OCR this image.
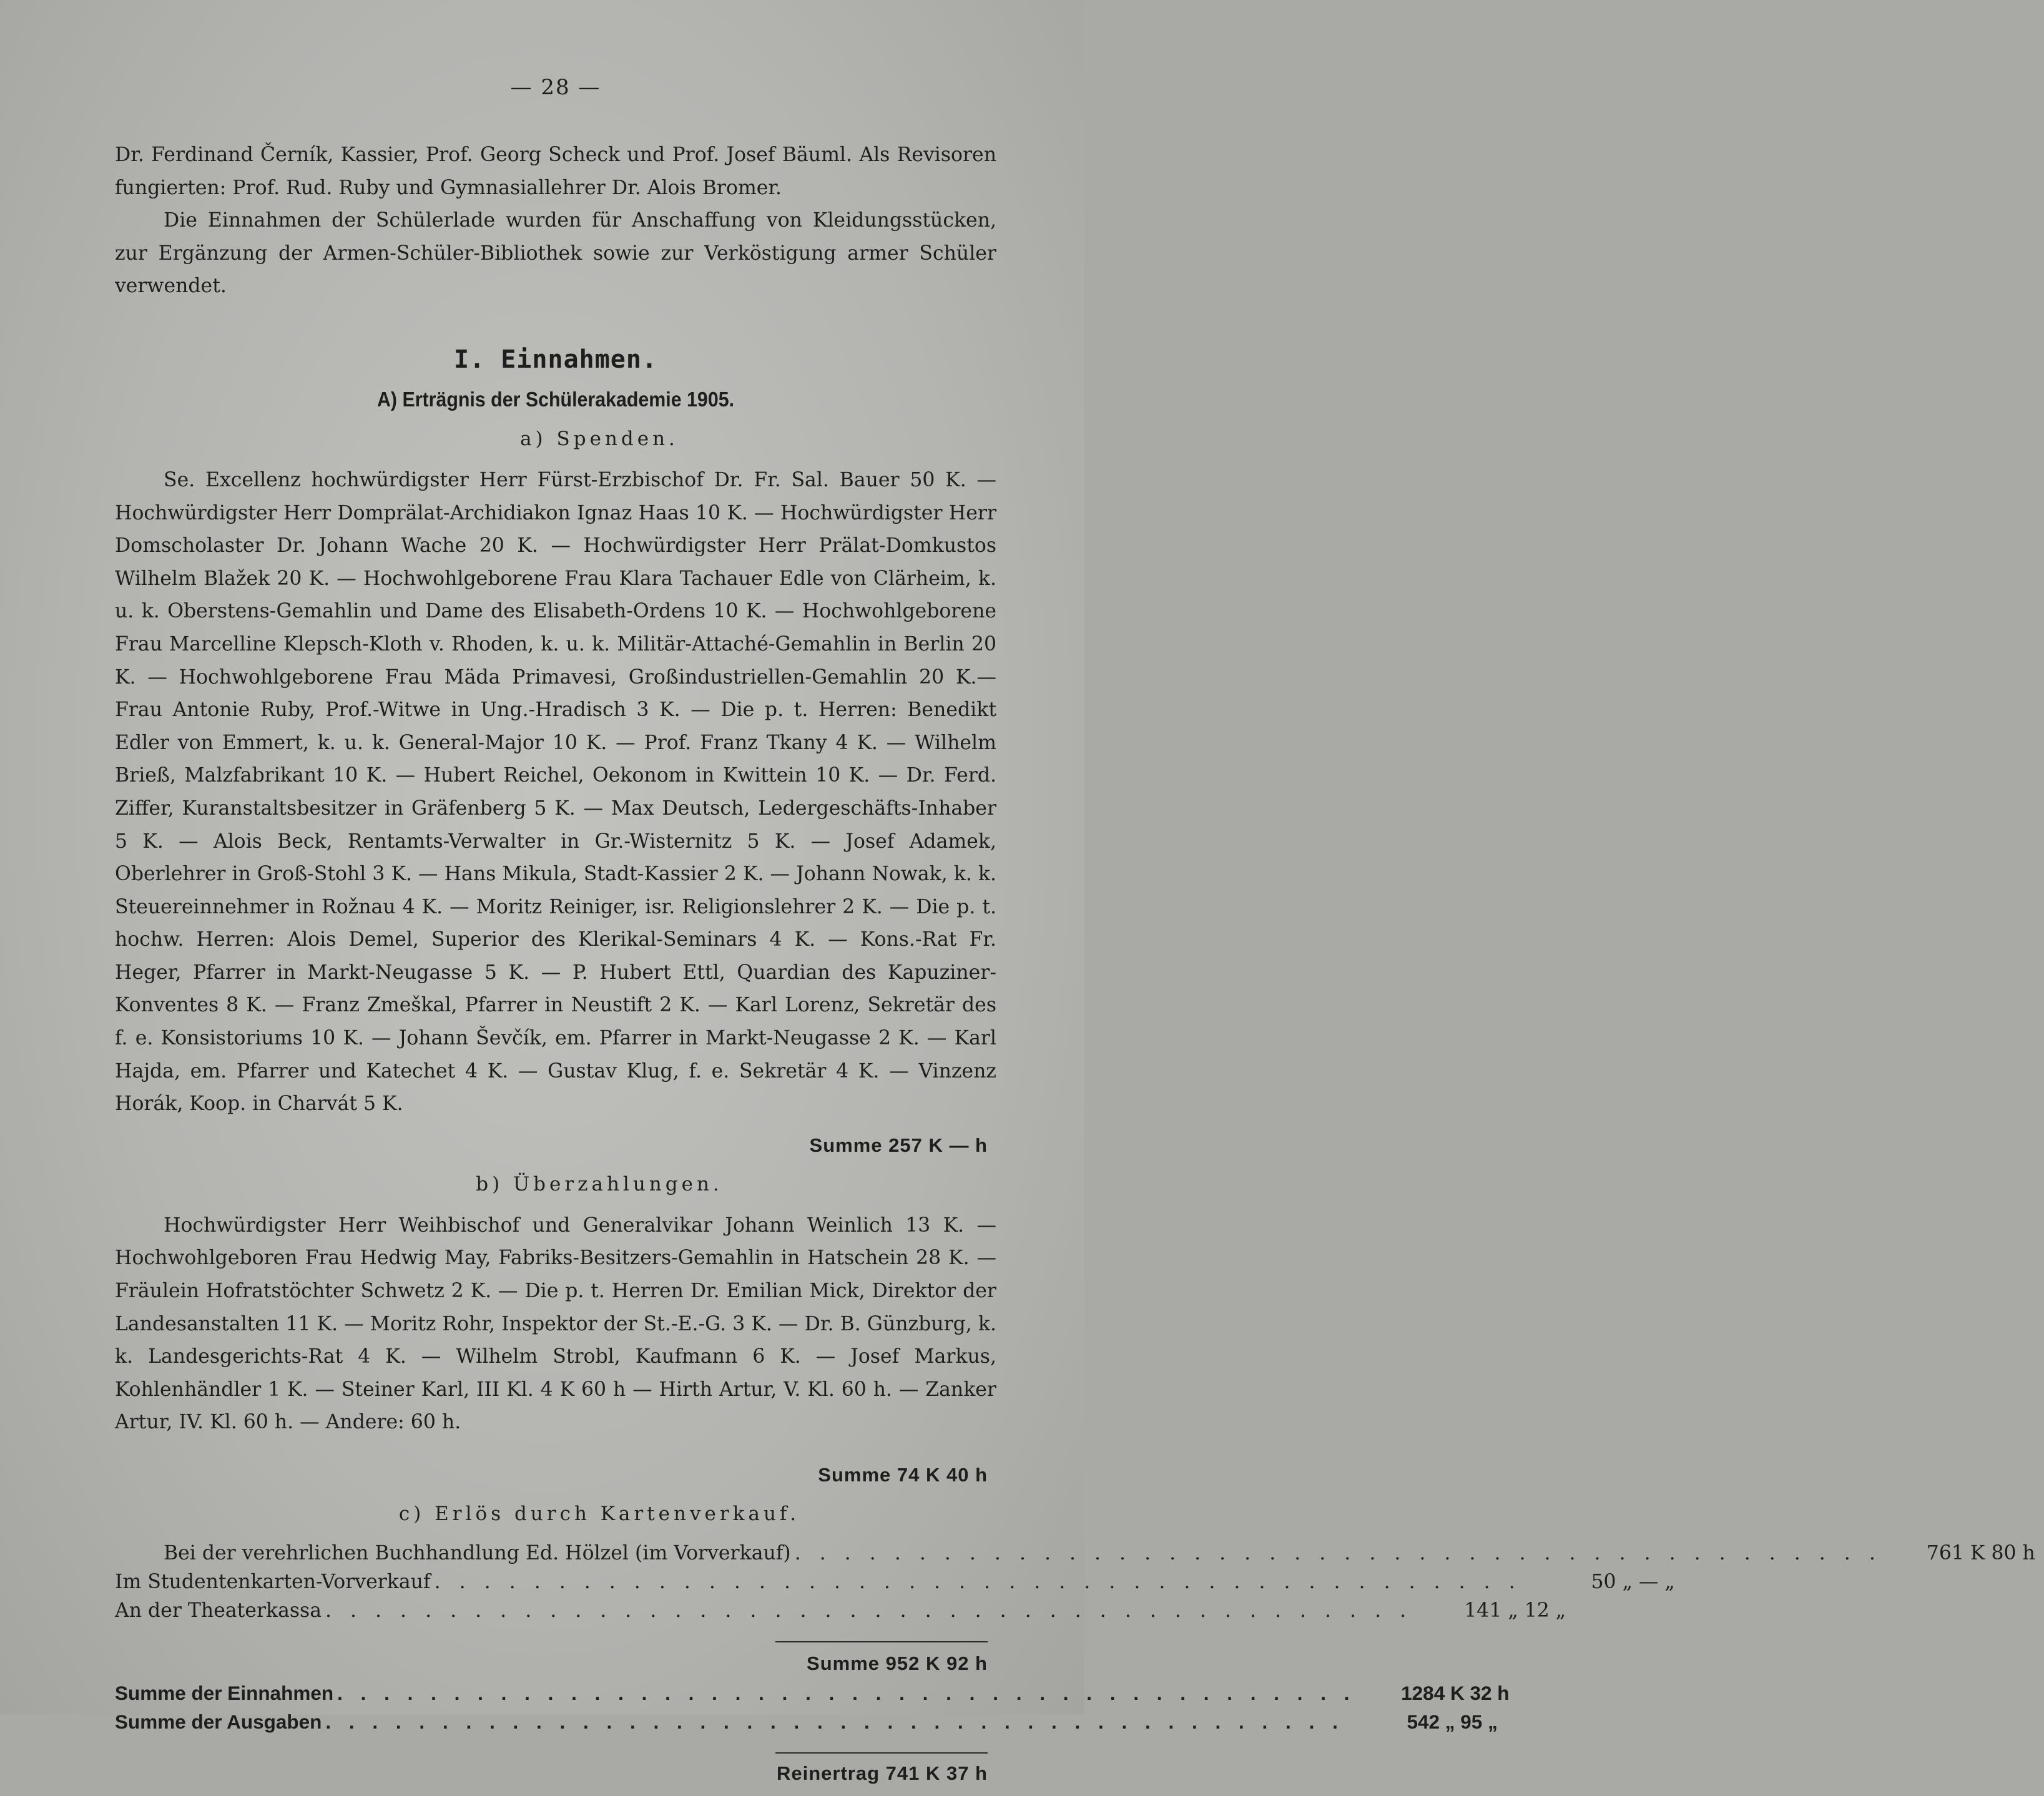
— 28 —

Dr. Ferdinand Černík, Kassier, Prof. Georg Scheck und Prof. Josef Bäuml. Als Revisoren fungierten: Prof. Rud. Ruby und Gymnasiallehrer Dr. Alois Bromer.

Die Einnahmen der Schülerlade wurden für Anschaffung von Kleidungsstücken, zur Ergänzung der Armen-Schüler-Bibliothek sowie zur Verköstigung armer Schüler verwendet.

I. Einnahmen.
A) Erträgnis der Schülerakademie 1905.
a) Spenden.

Se. Excellenz hochwürdigster Herr Fürst-Erzbischof Dr. Fr. Sal. Bauer 50 K. — Hochwürdigster Herr Domprälat-Archidiakon Ignaz Haas 10 K. — Hochwürdigster Herr Domscholaster Dr. Johann Wache 20 K. — Hochwürdigster Herr Prälat-Domkustos Wilhelm Blažek 20 K. — Hochwohlgeborene Frau Klara Tachauer Edle von Clärheim, k. u. k. Oberstens-Gemahlin und Dame des Elisabeth-Ordens 10 K. — Hochwohlgeborene Frau Marcelline Klepsch-Kloth v. Rhoden, k. u. k. Militär-Attaché-Gemahlin in Berlin 20 K. — Hochwohlgeborene Frau Mäda Primavesi, Großindustriellen-Gemahlin 20 K.— Frau Antonie Ruby, Prof.-Witwe in Ung.-Hradisch 3 K. — Die p. t. Herren: Benedikt Edler von Emmert, k. u. k. General-Major 10 K. — Prof. Franz Tkany 4 K. — Wilhelm Brieß, Malzfabrikant 10 K. — Hubert Reichel, Oekonom in Kwittein 10 K. — Dr. Ferd. Ziffer, Kuranstaltsbesitzer in Gräfenberg 5 K. — Max Deutsch, Ledergeschäfts-Inhaber 5 K. — Alois Beck, Rentamts-Verwalter in Gr.-Wisternitz 5 K. — Josef Adamek, Oberlehrer in Groß-Stohl 3 K. — Hans Mikula, Stadt-Kassier 2 K. — Johann Nowak, k. k. Steuereinnehmer in Rožnau 4 K. — Moritz Reiniger, isr. Religionslehrer 2 K. — Die p. t. hochw. Herren: Alois Demel, Superior des Klerikal-Seminars 4 K. — Kons.-Rat Fr. Heger, Pfarrer in Markt-Neugasse 5 K. — P. Hubert Ettl, Quardian des Kapuziner-Konventes 8 K. — Franz Zmeškal, Pfarrer in Neustift 2 K. — Karl Lorenz, Sekretär des f. e. Konsistoriums 10 K. — Johann Ševčík, em. Pfarrer in Markt-Neugasse 2 K. — Karl Hajda, em. Pfarrer und Katechet 4 K. — Gustav Klug, f. e. Sekretär 4 K. — Vinzenz Horák, Koop. in Charvát 5 K.

Summe 257 K — h
b) Überzahlungen.

Hochwürdigster Herr Weihbischof und Generalvikar Johann Weinlich 13 K. — Hochwohlgeboren Frau Hedwig May, Fabriks-Besitzers-Gemahlin in Hatschein 28 K. — Fräulein Hofratstöchter Schwetz 2 K. — Die p. t. Herren Dr. Emilian Mick, Direktor der Landesanstalten 11 K. — Moritz Rohr, Inspektor der St.-E.-G. 3 K. — Dr. B. Günzburg, k. k. Landesgerichts-Rat 4 K. — Wilhelm Strobl, Kaufmann 6 K. — Josef Markus, Kohlenhändler 1 K. — Steiner Karl, III Kl. 4 K 60 h — Hirth Artur, V. Kl. 60 h. — Zanker Artur, IV. Kl. 60 h. — Andere: 60 h.

Summe 74 K 40 h
c) Erlös durch Kartenverkauf.
Bei der verehrlichen Buchhandlung Ed. Hölzel (im Vorverkauf) . . . . . . . . . . . . . . . . . . . . . . . . . . . . . . . . . . . . . . . . . . . .	761 K 80 h
Im Studentenkarten-Vorverkauf . . . . . . . . . . . . . . . . . . . . . . . . . . . . . . . . . . . . . . . . . . . .	50 „ — „
An der Theaterkassa . . . . . . . . . . . . . . . . . . . . . . . . . . . . . . . . . . . . . . . . . . . .	141 „ 12 „
Summe 952 K 92 h
Summe der Einnahmen . . . . . . . . . . . . . . . . . . . . . . . . . . . . . . . . . . . . . . . . . . . .	1284 K 32 h
Summe der Ausgaben . . . . . . . . . . . . . . . . . . . . . . . . . . . . . . . . . . . . . . . . . . . .	542 „ 95 „
Reinertrag 741 K 37 h
